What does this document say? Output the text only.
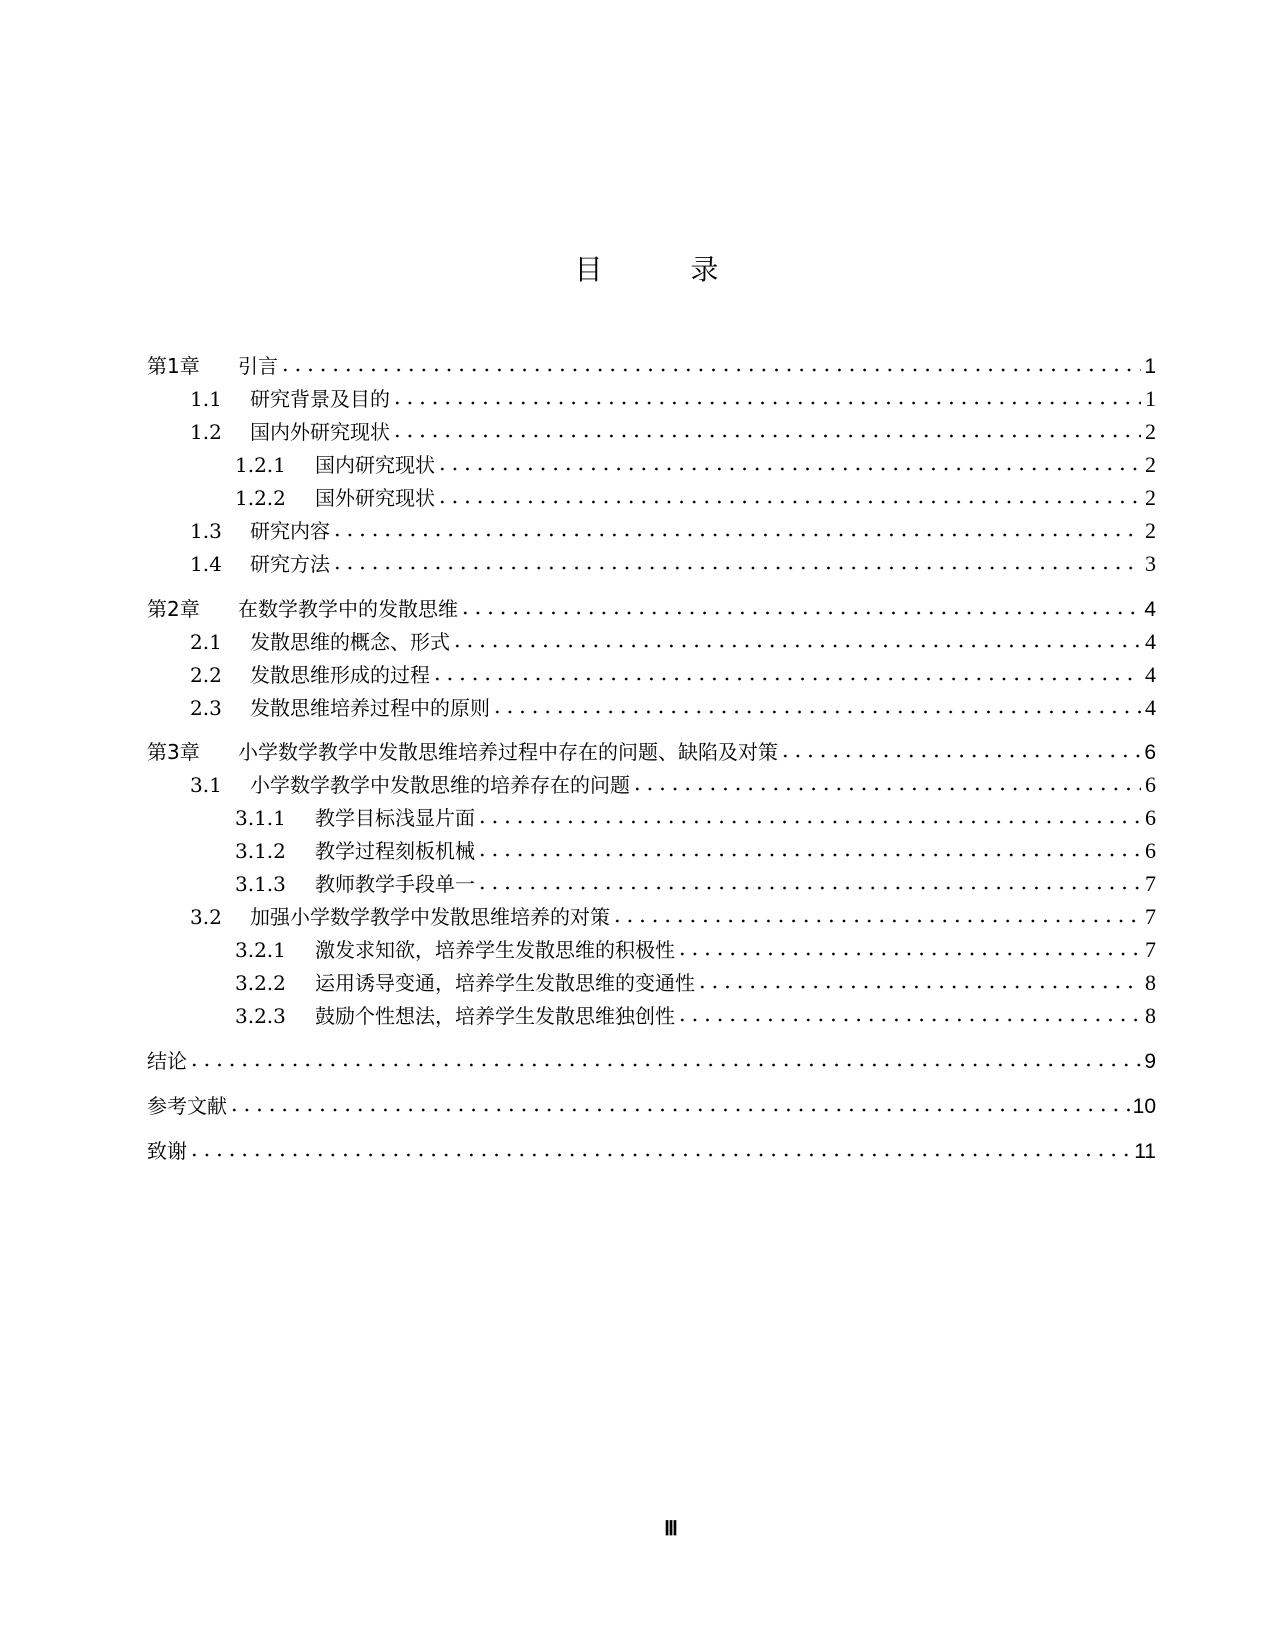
目	录
第1章	引言	1
1.1	研究背景及目的	1
1.2	国内外研究现状	2
1.2.1	国内研究现状	2
1.2.2	国外研究现状	2
1.3	研究内容	2
1.4	研究方法	3
第2章	在数学教学中的发散思维	4
2.1	发散思维的概念、形式	4
2.2	发散思维形成的过程	4
2.3	发散思维培养过程中的原则	4
第3章	小学数学教学中发散思维培养过程中存在的问题、缺陷及对策	6
3.1	小学数学教学中发散思维的培养存在的问题	6
3.1.1	教学目标浅显片面	6
3.1.2	教学过程刻板机械	6
3.1.3	教师教学手段单一	7
3.2	加强小学数学教学中发散思维培养的对策	7
3.2.1	激发求知欲，培养学生发散思维的积极性	7
3.2.2	运用诱导变通，培养学生发散思维的变通性	8
3.2.3	鼓励个性想法，培养学生发散思维独创性	8
结论	9
参考文献	10
致谢	11
Ⅲ
